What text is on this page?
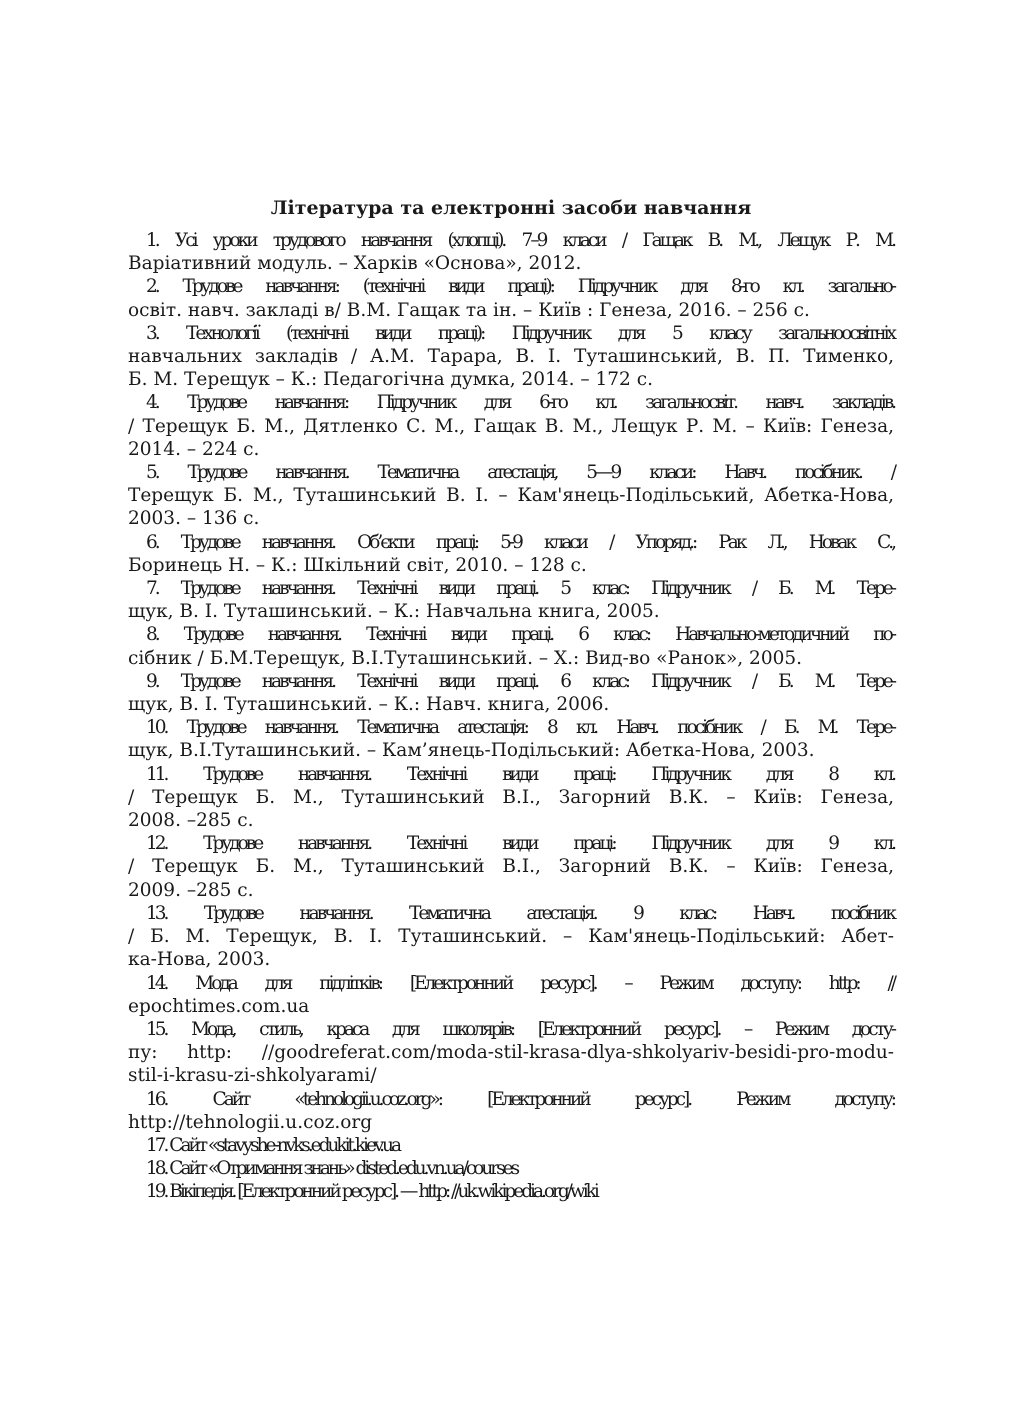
Література та електронні засоби навчання
1. Усі уроки трудового навчання (хлопці). 7–9 класи / Гащак В. М., Лещук Р. М.
Варіативний модуль. – Харків «Основа», 2012.
2. Трудове навчання: (технічні види праці): Підручник для 8-го кл. загально-
освіт. навч. закладі в/ В.М. Гащак та ін. – Київ : Генеза, 2016. – 256 с.
3. Технології (технічні види праці): Підручник для 5 класу загальноосвітніх
навчальних закладів / А.М. Тарара, В. І. Туташинський, В. П. Тименко,
Б. М. Терещук – К.: Педагогічна думка, 2014. – 172 с.
4. Трудове навчання: Підручник для 6-го кл. загальносвіт. навч. закладів.
/ Терещук Б. М., Дятленко С. М., Гащак В. М., Лещук Р. М. – Київ: Генеза,
2014. – 224 с.
5. Трудове навчання. Тематична атестація, 5—9 класи: Навч. посібник. /
Терещук Б. М., Туташинський В. І. – Кам'янець-Подільський, Абетка-Нова,
2003. – 136 с.
6. Трудове навчання. Об’єкти праці: 5-9 класи / Упоряд.: Рак Л., Новак С.,
Боринець Н. – К.: Шкільний світ, 2010. – 128 с.
7. Трудове навчання. Технічні види праці. 5 клас: Підручник / Б. М. Тере-
щук, В. І. Туташинський. – К.: Навчальна книга, 2005.
8. Трудове навчання. Технічні види праці. 6 клас: Навчально-методичний по-
сібник / Б.М.Терещук, В.І.Туташинський. – Х.: Вид-во «Ранок», 2005.
9. Трудове навчання. Технічні види праці. 6 клас: Підручник / Б. М. Тере-
щук, В. І. Туташинський. – К.: Навч. книга, 2006.
10. Трудове навчання. Тематична атестація: 8 кл. Навч. посібник / Б. М. Тере-
щук, В.І.Туташинський. – Кам’янець-Подільський: Абетка-Нова, 2003.
11. Трудове навчання. Технічні види праці: Підручник для 8 кл.
/ Терещук Б. М., Туташинський В.І., Загорний В.К. – Київ: Генеза,
2008. –285 с.
12. Трудове навчання. Технічні види праці: Підручник для 9 кл.
/ Терещук Б. М., Туташинський В.І., Загорний В.К. – Київ: Генеза,
2009. –285 с.
13. Трудове навчання. Тематична атестація. 9 клас: Навч. посібник
/ Б. М. Терещук, В. І. Туташинський. – Кам'янець-Подільський: Абет-
ка-Нова, 2003.
14. Мода для підлітків: [Електронний ресурс]. – Режим доступу: http: //
epochtimes.com.ua
15. Мода, стиль, краса для школярів: [Електронний ресурс]. – Режим досту-
пу: http: //goodreferat.com/moda-stil-krasa-dlya-shkolyariv-besidi-pro-modu-
stil-i-krasu-zi-shkolyarami/
16. Сайт «tehnologii.u.coz.org»: [Електронний ресурс]. Режим доступу:
http://tehnologii.u.coz.org
17. Сайт «stavyshe-nvks.edukit.kiev.ua
18. Сайт «Отримання знань» disted.edu.vn.ua/courses
19. Вікіпедія. [Електронний ресурс]. — http: //uk.wikipedia.org/wiki
